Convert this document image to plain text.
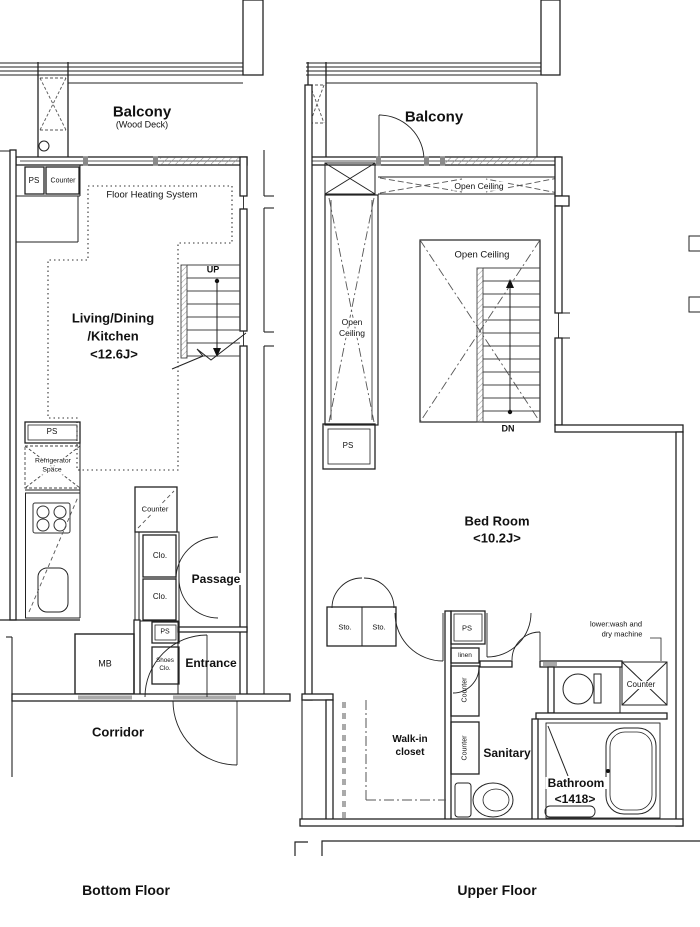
Balcony
(Wood Deck)
PS Counter
Floor Heating System
UP
Living/Dining
/Kitchen
<12.6J>
PS
Refrigerator
Space
Counter
Clo.
Clo.
Passage
PS
Shoes
Clo.
MB	Entrance
Corridor
Bottom Floor
Balcony
Open Ceiling
Open
Ceiling
Open Ceiling
DN
PS
Bed Room
<10.2J>
Sto.	Sto.	PS
linen
Counter
Counter
lower:wash and
dry machine
Counter
Walk-in
closet	Sanitary
Bathroom
<1418>
Upper Floor
